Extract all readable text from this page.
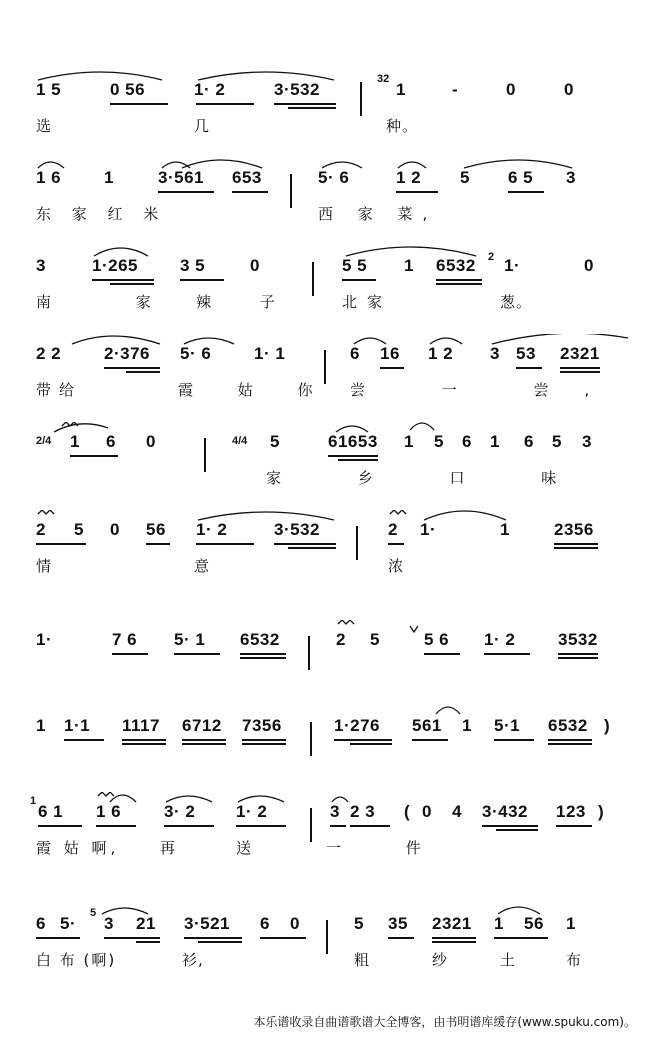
1 5	0 56	1· 2	3·532
32
1	-	0	0
选	几	种。
1 6	1	3·561 653	5· 6	1 2 5 6 5 3
东 家 红 米	西 家 菜,
3	1·265 3 5	0	5 5 1 6532 2 1·	0
南 家 辣 子	北家	葱。
2 2	2·376 5· 6	1· 1	6 16 1 2 3 53 2321
带给	霞 姑 你 尝 一 尝,
2/4 1 6 0	4/4 5	61653 1 5 6 1 6 5 3
家 乡 口 味
2 5 0 56 1· 2	3·532	2 1·	1	2356
情	意	浓
1·	7 6 5· 1 6532	2 5	5 6 1· 2	3532
1 1·1 1117 6712 7356	1·276 561 1 5·1 6532 )
1
6 1 1 6	3· 2 1· 2	3 2 3 ( 0 4 3·432 123 )
霞 姑 啊,	再	送	一 件
6 5·
5
3 21 3·521 6 0	5 35 2321 1 56 1
白 布 (啊)	衫,	粗	纱	土	布
本乐谱收录自曲谱歌谱大全博客，由书明谱库缓存(www.spuku.com)。
